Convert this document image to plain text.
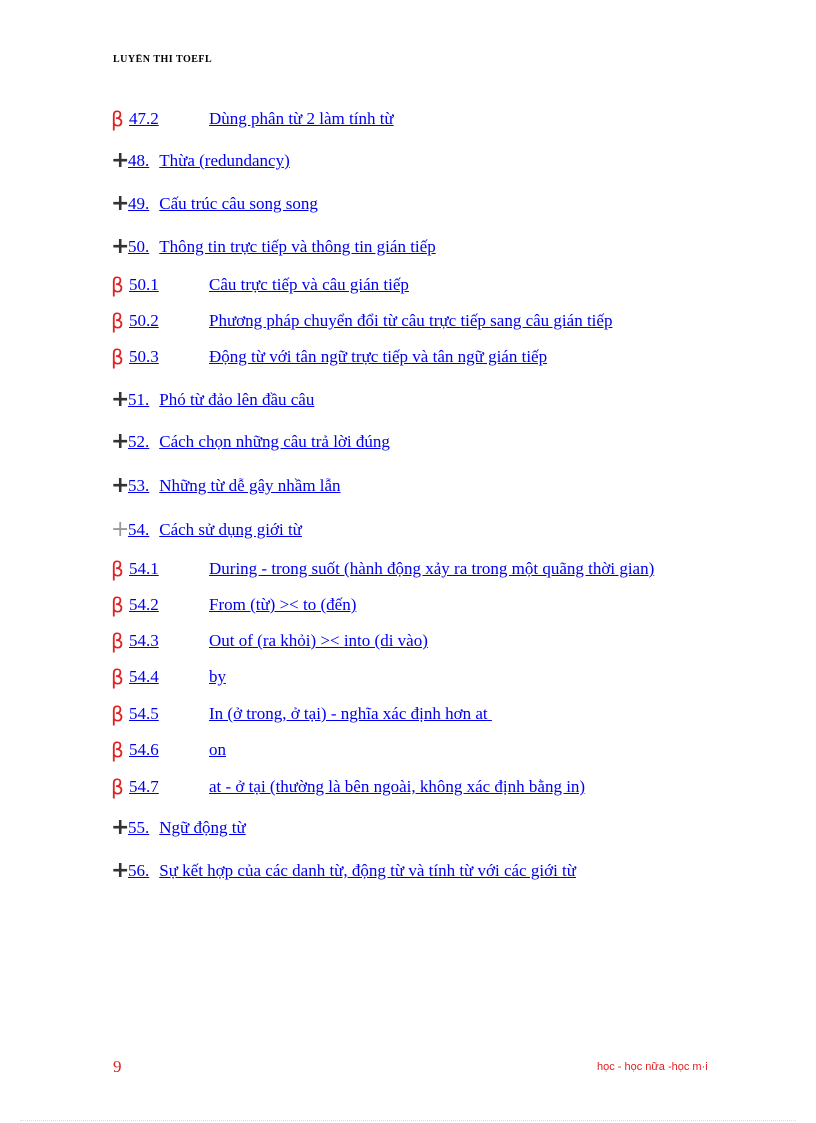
LUYỆN THI TOEFL
β 47.2	Dùng phân từ 2 làm tính từ
+
48. Thừa (redundancy)
+
49. Cấu trúc câu song song
+
50. Thông tin trực tiếp và thông tin gián tiếp
β 50.1	Câu trực tiếp và câu gián tiếp
β 50.2	Phương pháp chuyển đổi từ câu trực tiếp sang câu gián tiếp
β 50.3	Động từ với tân ngữ trực tiếp và tân ngữ gián tiếp
+
51. Phó từ đảo lên đầu câu
+
52. Cách chọn những câu trả lời đúng
+
53. Những từ dễ gây nhầm lẫn
+
54. Cách sử dụng giới từ
β 54.1	During - trong suốt (hành động xảy ra trong một quãng thời gian)
β 54.2	From (từ) >< to (đến)
β 54.3	Out of (ra khỏi) >< into (di vào)
β 54.4	by
β 54.5	In (ở trong, ở tại) - nghĩa xác định hơn at

β 54.6	on
β 54.7	at - ở tại (thường là bên ngoài, không xác định bằng in)
+
55. Ngữ động từ
+
56. Sự kết hợp của các danh từ, động từ và tính từ với các giới từ
9	học - học nữa -học m·i
